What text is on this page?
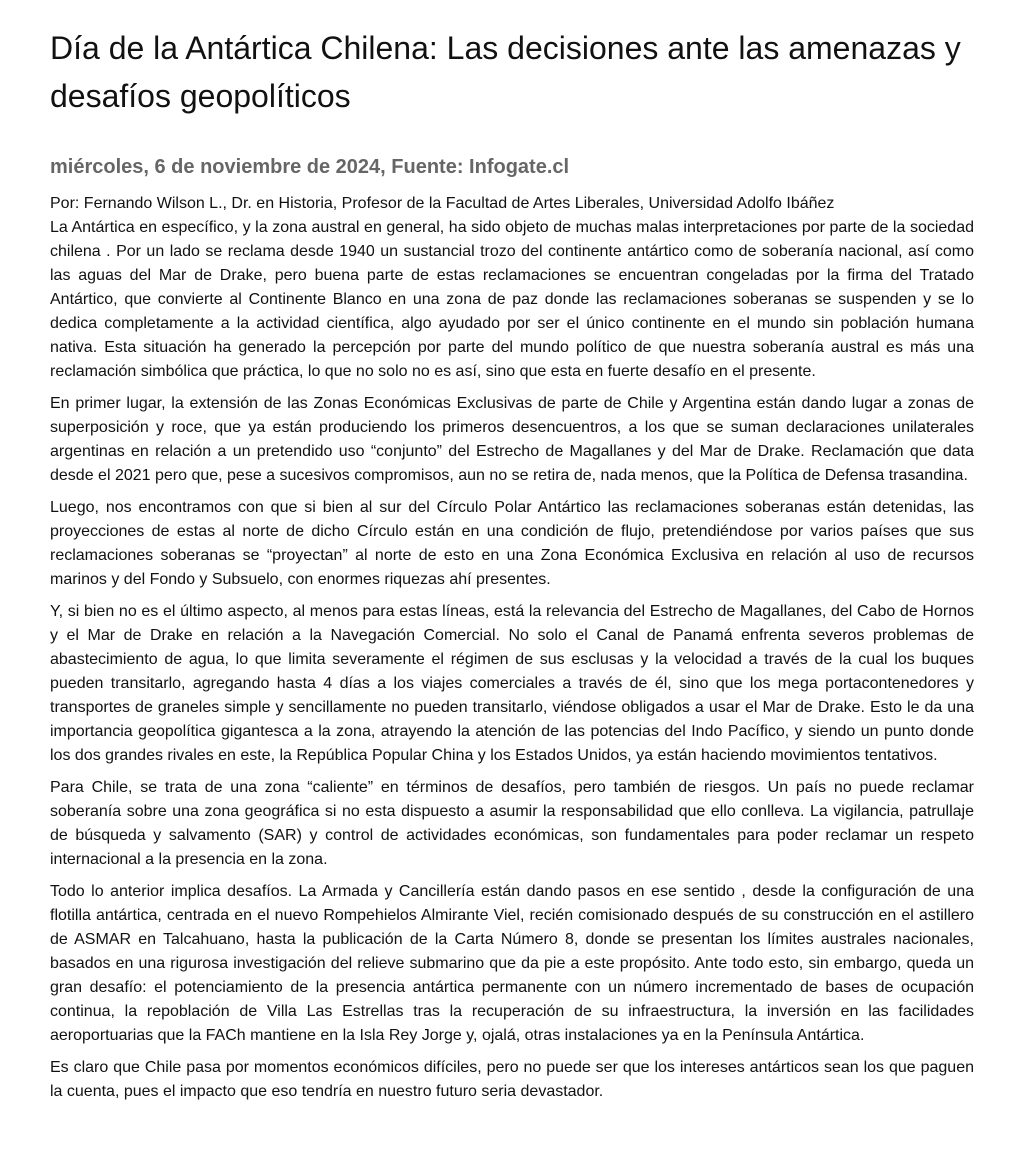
Día de la Antártica Chilena: Las decisiones ante las amenazas y desafíos geopolíticos
miércoles, 6 de noviembre de 2024, Fuente: Infogate.cl

Por: Fernando Wilson L., Dr. en Historia, Profesor de la Facultad de Artes Liberales, Universidad Adolfo Ibáñez

La Antártica en específico, y la zona austral en general, ha sido objeto de muchas malas interpretaciones por parte de la sociedad chilena . Por un lado se reclama desde 1940 un sustancial trozo del continente antártico como de soberanía nacional, así como las aguas del Mar de Drake, pero buena parte de estas reclamaciones se encuentran congeladas por la firma del Tratado Antártico, que convierte al Continente Blanco en una zona de paz donde las reclamaciones soberanas se suspenden y se lo dedica completamente a la actividad científica, algo ayudado por ser el único continente en el mundo sin población humana nativa. Esta situación ha generado la percepción por parte del mundo político de que nuestra soberanía austral es más una reclamación simbólica que práctica, lo que no solo no es así, sino que esta en fuerte desafío en el presente.

En primer lugar, la extensión de las Zonas Económicas Exclusivas de parte de Chile y Argentina están dando lugar a zonas de superposición y roce, que ya están produciendo los primeros desencuentros, a los que se suman declaraciones unilaterales argentinas en relación a un pretendido uso “conjunto” del Estrecho de Magallanes y del Mar de Drake. Reclamación que data desde el 2021 pero que, pese a sucesivos compromisos, aun no se retira de, nada menos, que la Política de Defensa trasandina.

Luego, nos encontramos con que si bien al sur del Círculo Polar Antártico las reclamaciones soberanas están detenidas, las proyecciones de estas al norte de dicho Círculo están en una condición de flujo, pretendiéndose por varios países que sus reclamaciones soberanas se “proyectan” al norte de esto en una Zona Económica Exclusiva en relación al uso de recursos marinos y del Fondo y Subsuelo, con enormes riquezas ahí presentes.

Y, si bien no es el último aspecto, al menos para estas líneas, está la relevancia del Estrecho de Magallanes, del Cabo de Hornos y el Mar de Drake en relación a la Navegación Comercial. No solo el Canal de Panamá enfrenta severos problemas de abastecimiento de agua, lo que limita severamente el régimen de sus esclusas y la velocidad a través de la cual los buques pueden transitarlo, agregando hasta 4 días a los viajes comerciales a través de él, sino que los mega portacontenedores y transportes de graneles simple y sencillamente no pueden transitarlo, viéndose obligados a usar el Mar de Drake. Esto le da una importancia geopolítica gigantesca a la zona, atrayendo la atención de las potencias del Indo Pacífico, y siendo un punto donde los dos grandes rivales en este, la República Popular China y los Estados Unidos, ya están haciendo movimientos tentativos.

Para Chile, se trata de una zona “caliente” en términos de desafíos, pero también de riesgos. Un país no puede reclamar soberanía sobre una zona geográfica si no esta dispuesto a asumir la responsabilidad que ello conlleva. La vigilancia, patrullaje de búsqueda y salvamento (SAR) y control de actividades económicas, son fundamentales para poder reclamar un respeto internacional a la presencia en la zona.

Todo lo anterior implica desafíos. La Armada y Cancillería están dando pasos en ese sentido , desde la configuración de una flotilla antártica, centrada en el nuevo Rompehielos Almirante Viel, recién comisionado después de su construcción en el astillero de ASMAR en Talcahuano, hasta la publicación de la Carta Número 8, donde se presentan los límites australes nacionales, basados en una rigurosa investigación del relieve submarino que da pie a este propósito. Ante todo esto, sin embargo, queda un gran desafío: el potenciamiento de la presencia antártica permanente con un número incrementado de bases de ocupación continua, la repoblación de Villa Las Estrellas tras la recuperación de su infraestructura, la inversión en las facilidades aeroportuarias que la FACh mantiene en la Isla Rey Jorge y, ojalá, otras instalaciones ya en la Península Antártica.

Es claro que Chile pasa por momentos económicos difíciles, pero no puede ser que los intereses antárticos sean los que paguen la cuenta, pues el impacto que eso tendría en nuestro futuro seria devastador.
